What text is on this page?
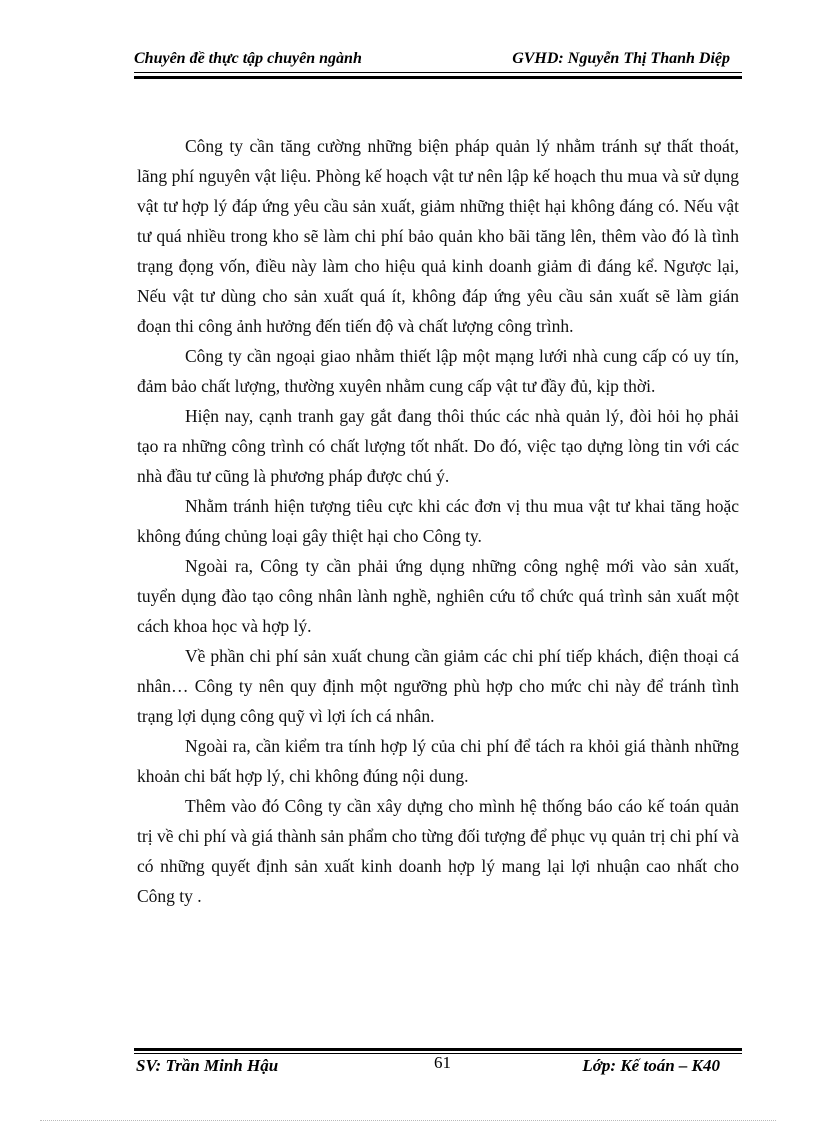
Chuyên đề thực tập chuyên ngành	GVHD: Nguyễn Thị Thanh Diệp

Công ty cần tăng cường những biện pháp quản lý nhằm tránh sự thất thoát, lãng phí nguyên vật liệu. Phòng kế hoạch vật tư nên lập kế hoạch thu mua và sử dụng vật tư hợp lý đáp ứng yêu cầu sản xuất, giảm những thiệt hại không đáng có. Nếu vật tư quá nhiều trong kho sẽ làm chi phí bảo quản kho bãi tăng lên, thêm vào đó là tình trạng đọng vốn, điều này làm cho hiệu quả kinh doanh giảm đi đáng kể. Ngược lại, Nếu vật tư dùng cho sản xuất quá ít, không đáp ứng yêu cầu sản xuất sẽ làm gián đoạn thi công ảnh hưởng đến tiến độ và chất lượng công trình.

Công ty cần ngoại giao nhằm thiết lập một mạng lưới nhà cung cấp có uy tín, đảm bảo chất lượng, thường xuyên nhằm cung cấp vật tư đầy đủ, kịp thời.

Hiện nay, cạnh tranh gay gắt đang thôi thúc các nhà quản lý, đòi hỏi họ phải tạo ra những công trình có chất lượng tốt nhất. Do đó, việc tạo dựng lòng tin với các nhà đầu tư cũng là phương pháp được chú ý.

Nhằm tránh hiện tượng tiêu cực khi các đơn vị thu mua vật tư khai tăng hoặc không đúng chủng loại gây thiệt hại cho Công ty.

Ngoài ra, Công ty cần phải ứng dụng những công nghệ mới vào sản xuất, tuyển dụng đào tạo công nhân lành nghề, nghiên cứu tổ chức quá trình sản xuất một cách khoa học và hợp lý.

Về phần chi phí sản xuất chung cần giảm các chi phí tiếp khách, điện thoại cá nhân… Công ty nên quy định một ngưỡng phù hợp cho mức chi này để tránh tình trạng lợi dụng công quỹ vì lợi ích cá nhân.

Ngoài ra, cần kiểm tra tính hợp lý của chi phí để tách ra khỏi giá thành những khoản chi bất hợp lý, chi không đúng nội dung.

Thêm vào đó Công ty cần xây dựng cho mình hệ thống báo cáo kế toán quản trị về chi phí và giá thành sản phẩm cho từng đối tượng để phục vụ quản trị chi phí và có những quyết định sản xuất kinh doanh hợp lý mang lại lợi nhuận cao nhất cho Công ty .

SV: Trần Minh Hậu	61	Lớp: Kế toán – K40
